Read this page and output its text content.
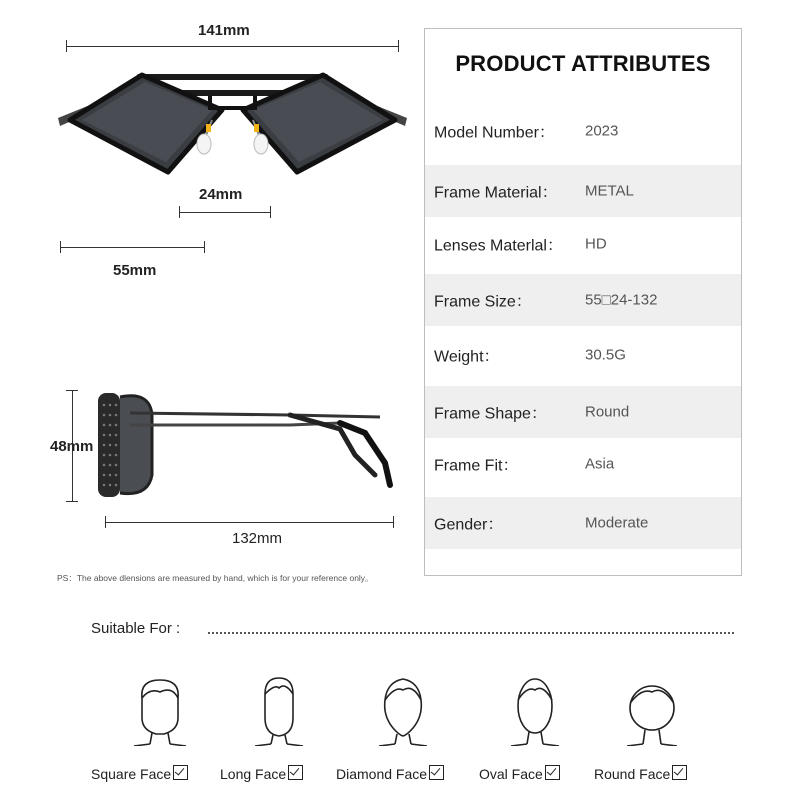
141mm
24mm
55mm
48mm
132mm
PS：The above dlensions are measured by hand, which is for your reference only。
PRODUCT ATTRIBUTES
Model Number： 2023
Frame Material： METAL
Lenses Materlal： HD
Frame Size：	55□24-132
Weight：	30.5G
Frame Shape：	Round
Frame Fit：	Asia
Gender：	Moderate
Suitable For :
Square Face	Long Face	Diamond Face	Oval Face	Round Face
